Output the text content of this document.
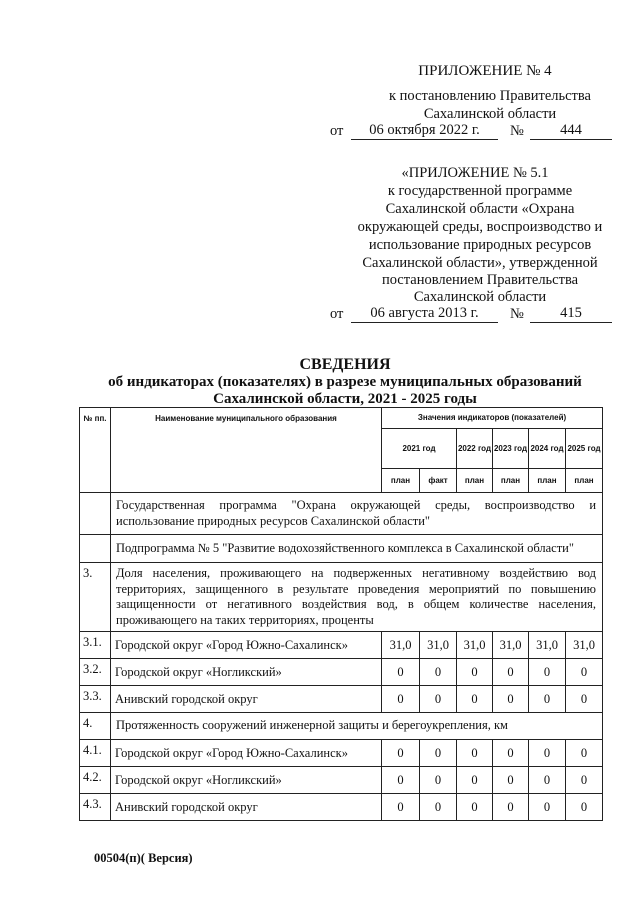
ПРИЛОЖЕНИЕ № 4
к постановлению Правительства
Сахалинской области
от	06 октября 2022 г.	№	444
«ПРИЛОЖЕНИЕ № 5.1
к государственной программе
Сахалинской области «Охрана
окружающей среды, воспроизводство и
использование природных ресурсов
Сахалинской области», утвержденной
постановлением Правительства
Сахалинской области
от	06 августа 2013 г.	№	415
СВЕДЕНИЯ
об индикаторах (показателях) в разрезе муниципальных образований
Сахалинской области, 2021 - 2025 годы
№ пп.	Наименование муниципального образования	Значения индикаторов (показателей)					
		2021 год		2022 год	2023 год	2024 год	2025 год
		план	факт	план	план	план	план
	Государственная программа "Охрана окружающей среды, воспроизводство и использование природных ресурсов Сахалинской области"						
	Подпрограмма № 5 "Развитие водохозяйственного комплекса в Сахалинской области"						
3.	Доля населения, проживающего на подверженных негативному воздействию вод территориях, защищенного в результате проведения мероприятий по повышению защищенности от негативного воздействия вод, в общем количестве населения, проживающего на таких территориях, проценты						
3.1.	Городской округ «Город Южно-Сахалинск»	31,0	31,0	31,0	31,0	31,0	31,0
3.2.	Городской округ «Ногликский»	0	0	0	0	0	0
3.3.	Анивский городской округ	0	0	0	0	0	0
4.	Протяженность сооружений инженерной защиты и берегоукрепления, км						
4.1.	Городской округ «Город Южно-Сахалинск»	0	0	0	0	0	0
4.2.	Городской округ «Ногликский»	0	0	0	0	0	0
4.3.	Анивский городской округ	0	0	0	0	0	0
00504(п)( Версия)
